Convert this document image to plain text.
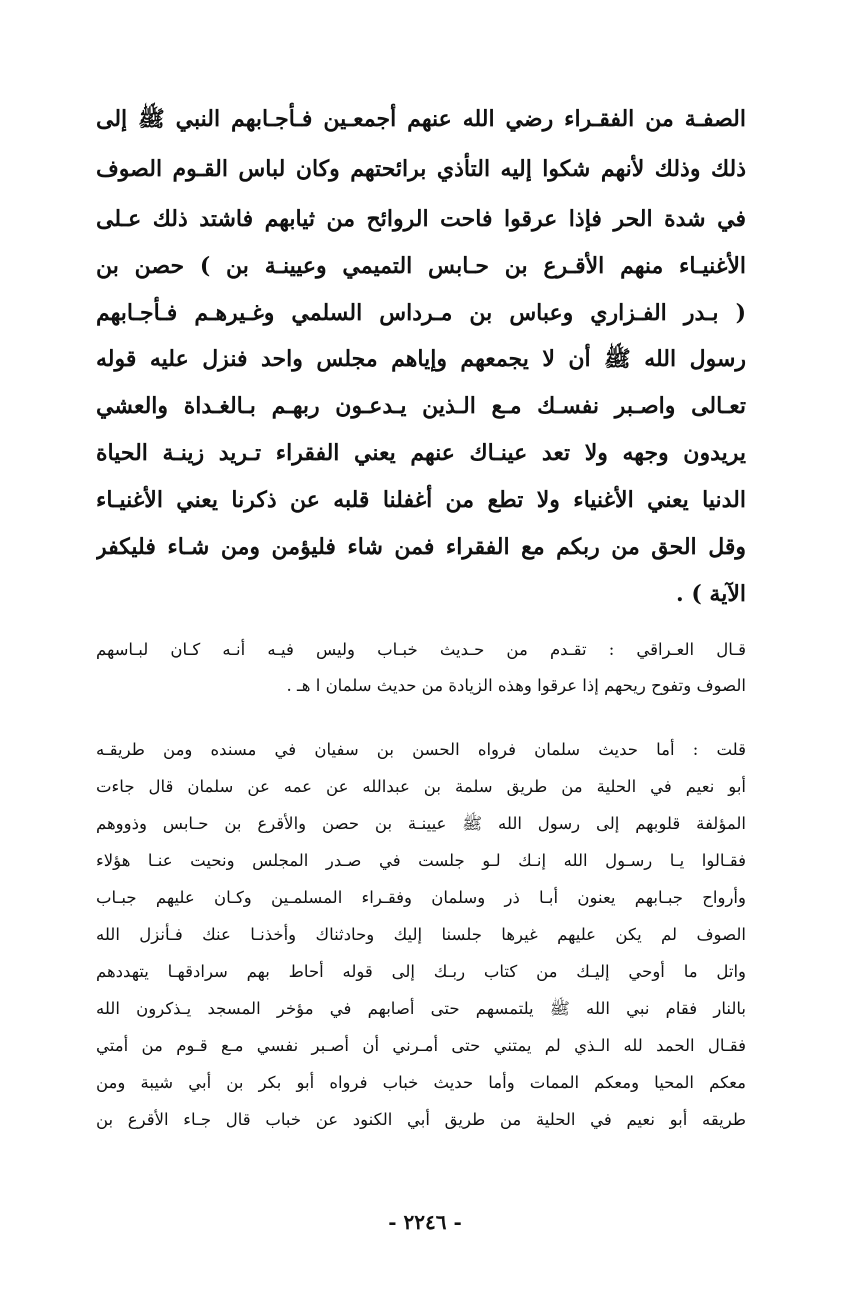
الصفـة من الفقـراء رضي الله عنهم أجمعـين فـأجـابهم النبي ﷺ إلى
ذلك وذلك لأنهم شكوا إليه التأذي برائحتهم وكان لباس القـوم الصوف
في شدة الحر فإذا عرقوا فاحت الروائح من ثيابهم فاشتد ذلك عـلى
الأغنيـاء منهم الأقـرع بن حـابس التميمي وعيينـة بن ) حصن بن
( بـدر الفـزاري وعباس بن مـرداس السلمي وغـيرهـم فـأجـابهم
رسول الله ﷺ أن لا يجمعهم وإياهم مجلس واحد فنزل عليه قوله
تعـالى واصـبر نفسـك مـع الـذين يـدعـون ربهـم بـالغـداة والعشي
يريدون وجهه ولا تعد عينـاك عنهم يعني الفقراء تـريد زينـة الحياة
الدنيا يعني الأغنياء ولا تطع من أغفلنا قلبه عن ذكرنا يعني الأغنيـاء
وقل الحق من ربكم مع الفقراء فمن شاء فليؤمن ومن شـاء فليكفر
الآية ) .
قـال العـراقي : تقـدم من حـديث خبـاب وليس فيـه أنـه كـان لبـاسهم
الصوف وتفوح ريحهم إذا عرقوا وهذه الزيادة من حديث سلمان ا هـ .
قلت : أما حديث سلمان فرواه الحسن بن سفيان في مسنده ومن طريقـه
أبو نعيم في الحلية من طريق سلمة بن عبدالله عن عمه عن سلمان قال جاءت
المؤلفة قلوبهم إلى رسول الله ﷺ عيينـة بن حصن والأقرع بن حـابس وذووهم
فقـالوا يـا رسـول الله إنـك لـو جلست في صـدر المجلس ونحيت عنـا هؤلاء
وأرواح جبـابهم يعنون أبـا ذر وسلمان وفقـراء المسلمـين وكـان عليهم جبـاب
الصوف لم يكن عليهم غيرها جلسنا إليك وحادثناك وأخذنـا عنك فـأنزل الله
واتل ما أوحي إليـك من كتاب ربـك إلى قوله أحاط بهم سرادقهـا يتهددهم
بالنار فقام نبي الله ﷺ يلتمسهم حتى أصابهم في مؤخر المسجد يـذكرون الله
فقـال الحمد لله الـذي لم يمتني حتى أمـرني أن أصـبر نفسي مـع قـوم من أمتي
معكم المحيا ومعكم الممات وأما حديث خباب فرواه أبو بكر بن أبي شيبة ومن
طريقه أبو نعيم في الحلية من طريق أبي الكنود عن خباب قال جـاء الأقرع بن
- ٢٢٤٦ -
